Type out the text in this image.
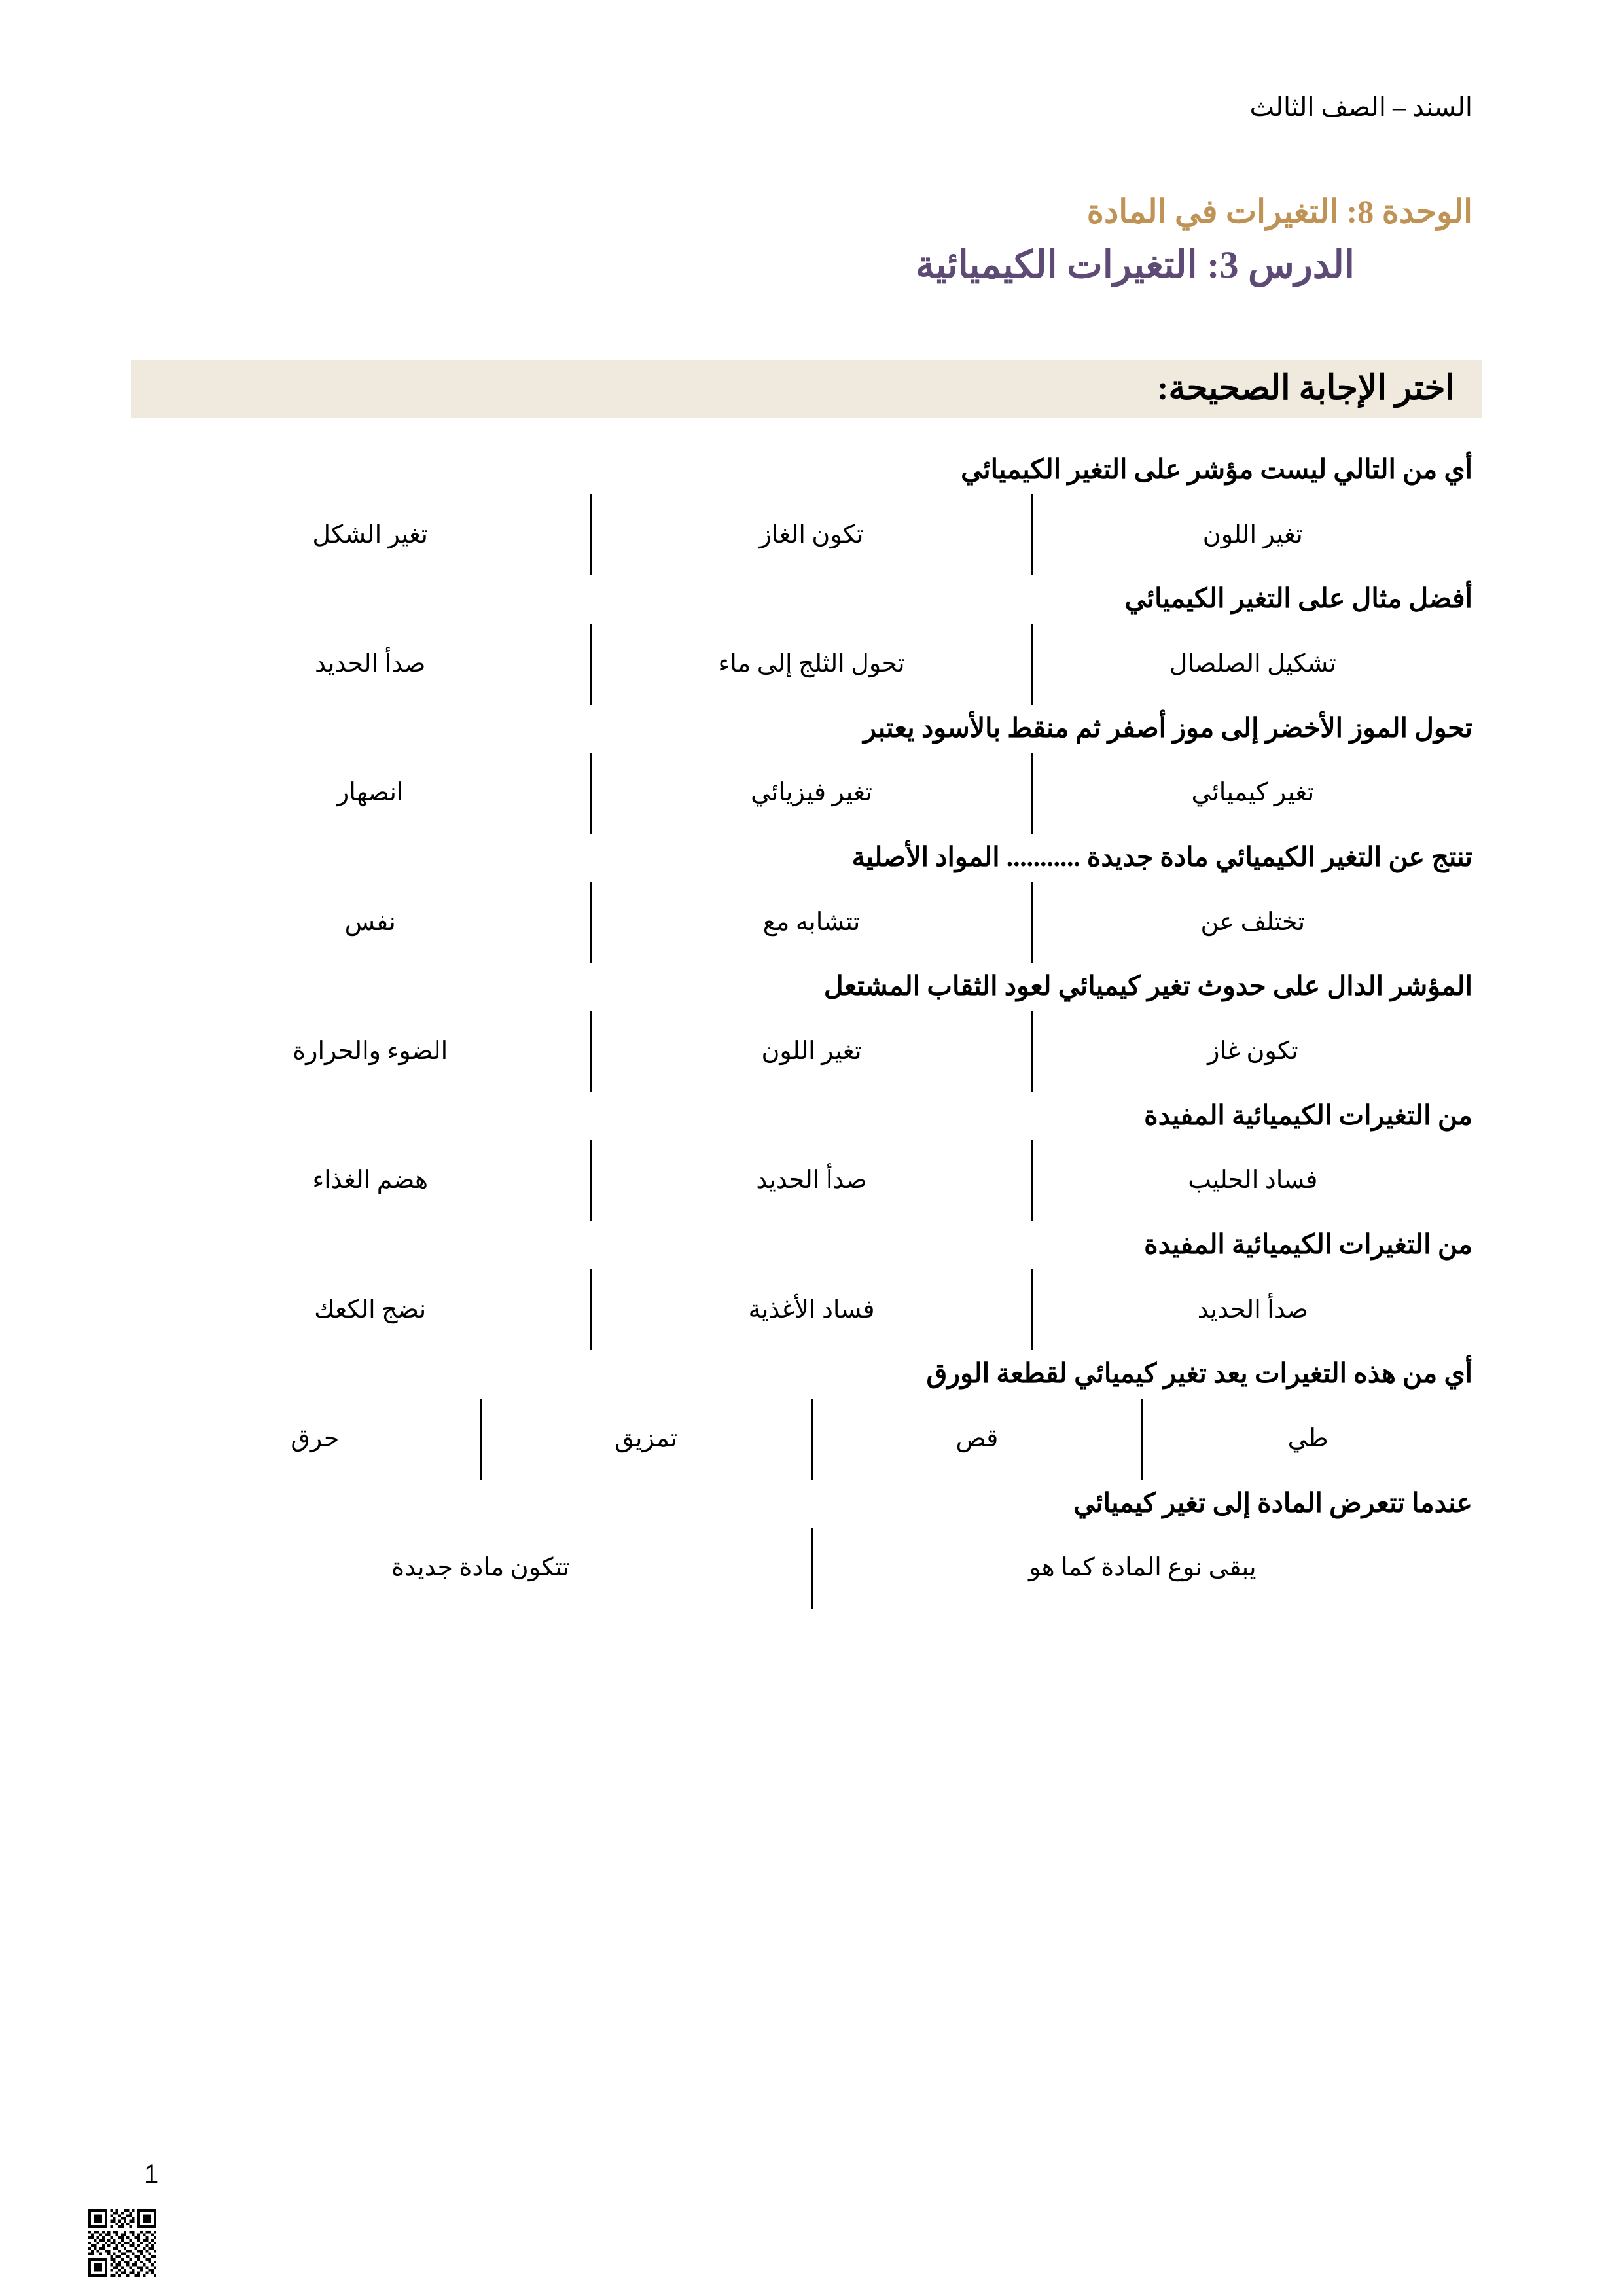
السند – الصف الثالث
الوحدة 8: التغيرات في المادة
الدرس 3: التغيرات الكيميائية
اختر الإجابة الصحيحة:
أي من التالي ليست مؤشر على التغير الكيميائي
تغير اللون
تكون الغاز
تغير الشكل
أفضل مثال على التغير الكيميائي
تشكيل الصلصال
تحول الثلج إلى ماء
صدأ الحديد
تحول الموز الأخضر إلى موز أصفر ثم منقط بالأسود يعتبر
تغير كيميائي
تغير فيزيائي
انصهار
تنتج عن التغير الكيميائي مادة جديدة ........... المواد الأصلية
تختلف عن
تتشابه مع
نفس
المؤشر الدال على حدوث تغير كيميائي لعود الثقاب المشتعل
تكون غاز
تغير اللون
الضوء والحرارة
من التغيرات الكيميائية المفيدة
فساد الحليب
صدأ الحديد
هضم الغذاء
من التغيرات الكيميائية المفيدة
صدأ الحديد
فساد الأغذية
نضج الكعك
أي من هذه التغيرات يعد تغير كيميائي لقطعة الورق
طي
قص
تمزيق
حرق
عندما تتعرض المادة إلى تغير كيميائي
يبقى نوع المادة كما هو
تتكون مادة جديدة
1
